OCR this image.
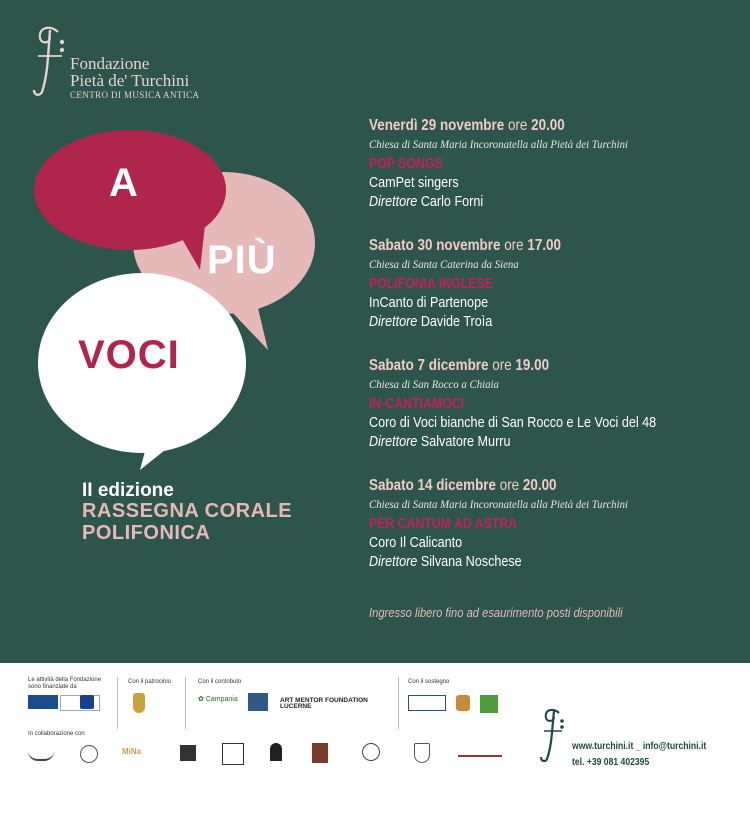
Fondazione
Pietà de' Turchini
CENTRO DI MUSICA ANTICA
A
PIÙ
VOCI
II edizione
RASSEGNA CORALE
POLIFONICA
Venerdì 29 novembre ore 20.00
Chiesa di Santa Maria Incoronatella alla Pietà dei Turchini
POP SONGS
CamPet singers
Direttore Carlo Forni
Sabato 30 novembre ore 17.00
Chiesa di Santa Caterina da Siena
POLIFONIA INGLESE
InCanto di Partenope
Direttore Davide Troìa
Sabato 7 dicembre ore 19.00
Chiesa di San Rocco a Chiaia
IN-CANTIAMOCI
Coro di Voci bianche di San Rocco e Le Voci del 48
Direttore Salvatore Murru
Sabato 14 dicembre ore 20.00
Chiesa di Santa Maria Incoronatella alla Pietà dei Turchini
PER CANTUM AD ASTRA
Coro Il Calicanto
Direttore Silvana Noschese
Ingresso libero fino ad esaurimento posti disponibili
Le attività della Fondazione sono finanziate da
Con il patrocinio	Con il contributo
✿ Campania	ART MENTOR FOUNDATION LUCERNE
Con il sostegno
In collaborazione con
MiNa	www.turchini.it _ info@turchini.it
tel. +39 081 402395
